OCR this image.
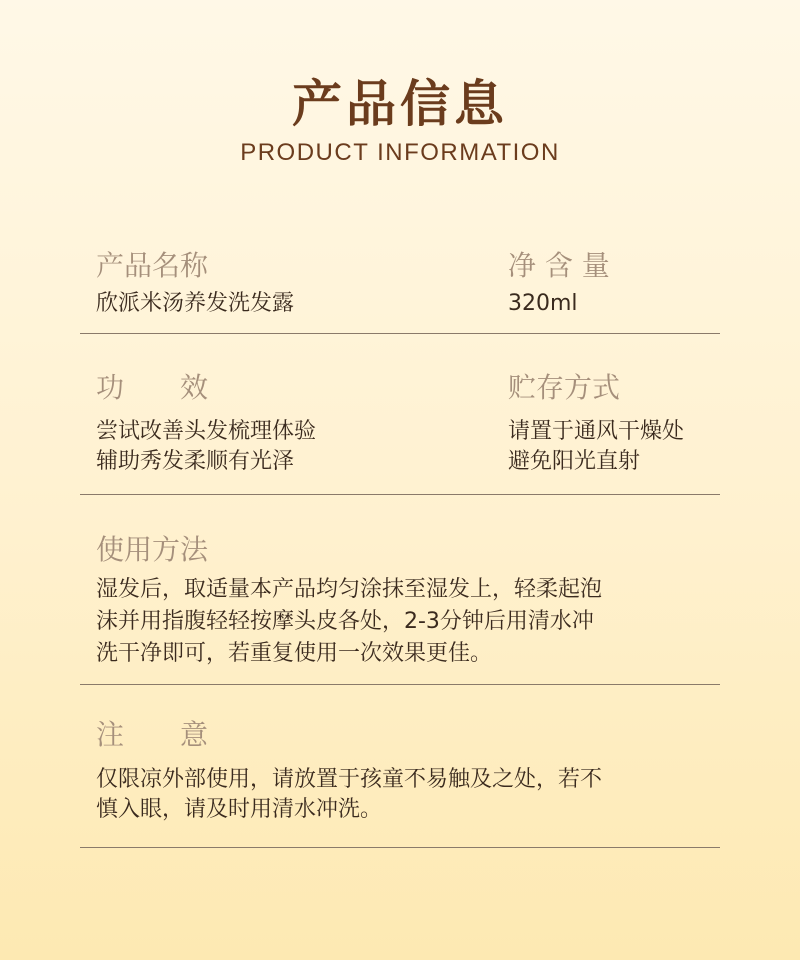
产品信息
PRODUCT INFORMATION
产品名称
欣派米汤养发洗发露
净 含 量
320ml
功 效
尝试改善头发梳理体验
辅助秀发柔顺有光泽
贮存方式
请置于通风干燥处
避免阳光直射
使用方法
湿发后，取适量本产品均匀涂抹至湿发上，轻柔起泡
沫并用指腹轻轻按摩头皮各处，2-3分钟后用清水冲
洗干净即可，若重复使用一次效果更佳。
注 意
仅限凉外部使用，请放置于孩童不易触及之处，若不
慎入眼，请及时用清水冲洗。
